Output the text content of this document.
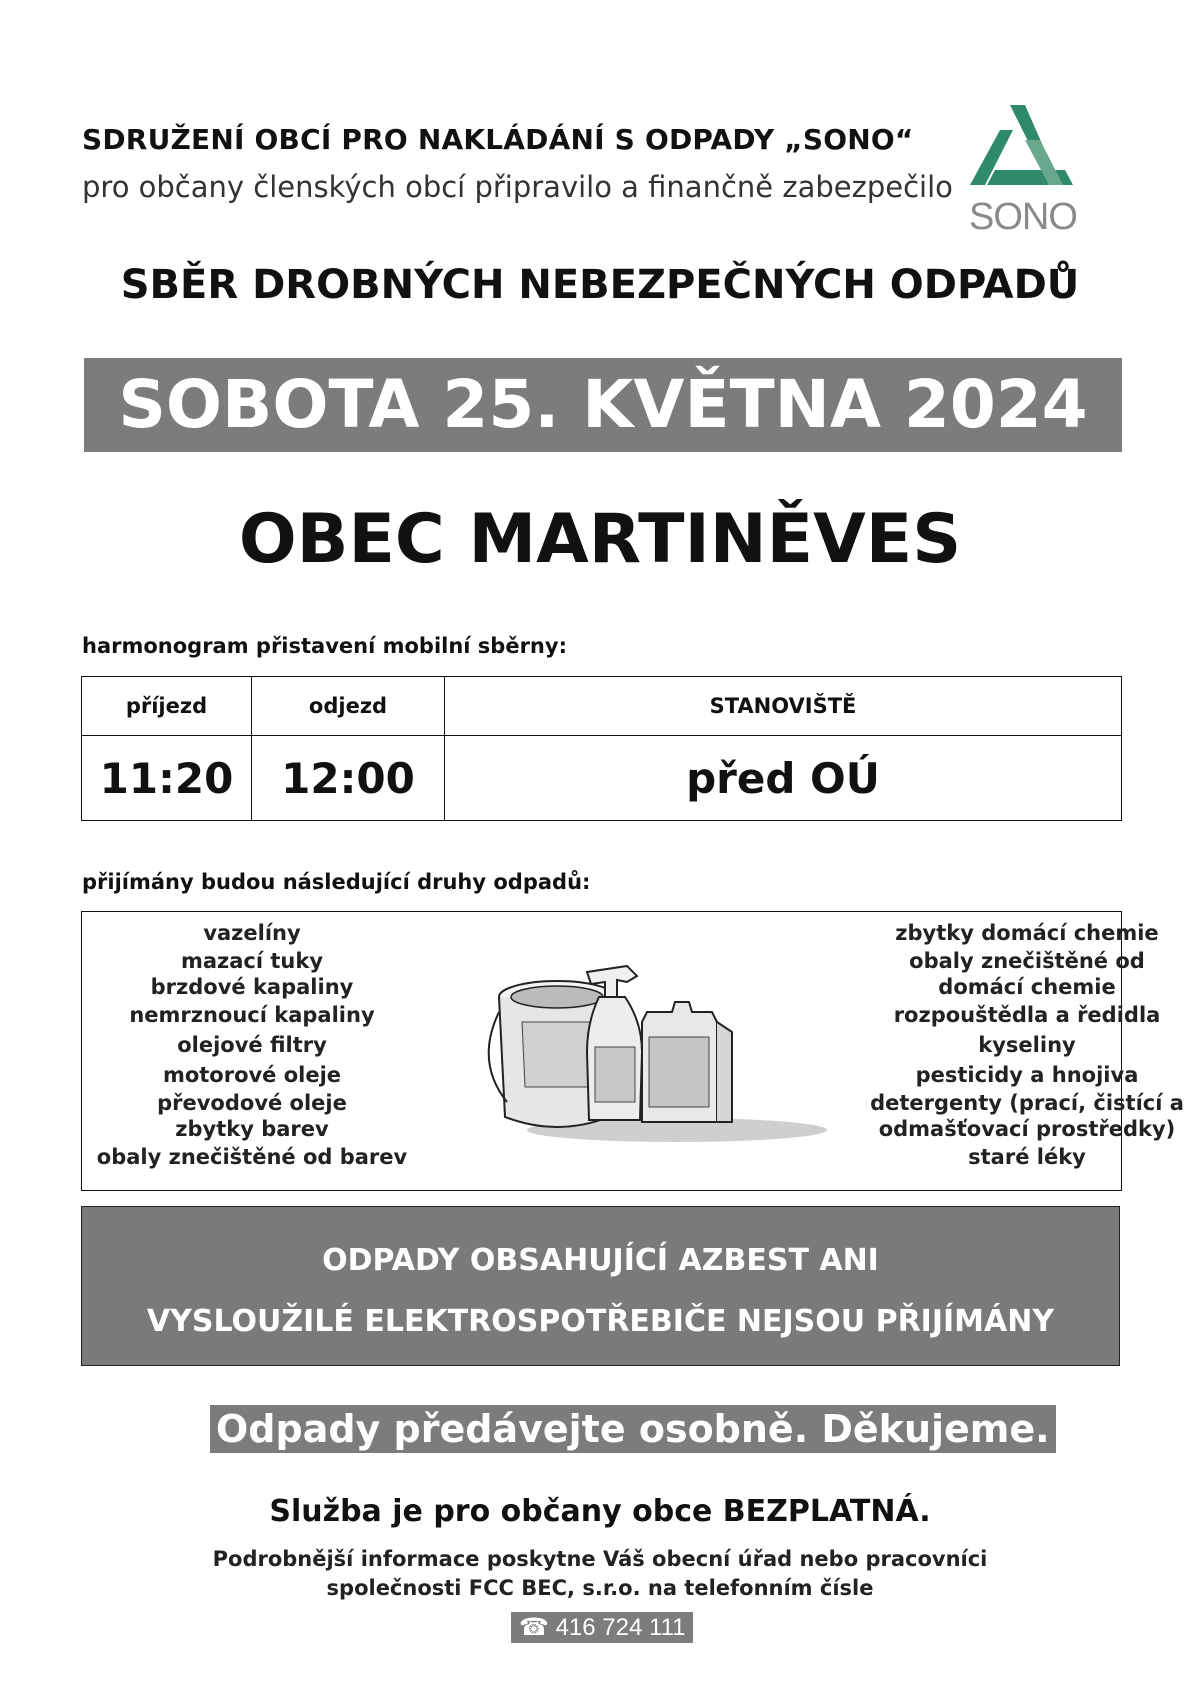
SDRUŽENÍ OBCÍ PRO NAKLÁDÁNÍ S ODPADY „SONO“
pro občany členských obcí připravilo a finančně zabezpečilo
SONO
SBĚR DROBNÝCH NEBEZPEČNÝCH ODPADŮ
SOBOTA 25. KVĚTNA 2024
OBEC MARTINĚVES
harmonogram přistavení mobilní sběrny:
příjezd	odjezd	STANOVIŠTĚ
11:20	12:00	před OÚ
přijímány budou následující druhy odpadů:
vazelíny
mazací tuky
brzdové kapaliny
nemrznoucí kapaliny
olejové filtry
motorové oleje
převodové oleje
zbytky barev
obaly znečištěné od barev
zbytky domácí chemie
obaly znečištěné od
domácí chemie
rozpouštědla a ředidla
kyseliny
pesticidy a hnojiva
detergenty (prací, čistící a
odmašťovací prostředky)
staré léky
ODPADY OBSAHUJÍCÍ AZBEST ANI
VYSLOUŽILÉ ELEKTROSPOTŘEBIČE NEJSOU PŘIJÍMÁNY
Odpady předávejte osobně. Děkujeme.
Služba je pro občany obce BEZPLATNÁ.
Podrobnější informace poskytne Váš obecní úřad nebo pracovníci
společnosti FCC BEC, s.r.o. na telefonním čísle
☎ 416 724 111
